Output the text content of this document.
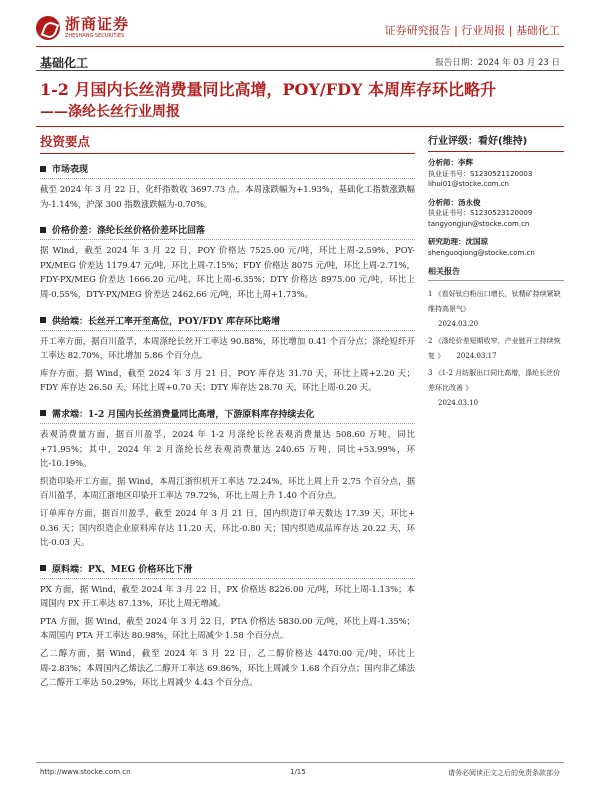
浙商证券
ZHESHANG SECURITIES	证券研究报告 | 行业周报 | 基础化工
基础化工	报告日期：2024 年 03 月 23 日
1-2 月国内长丝消费量同比高增，POY/FDY 本周库存环比略升
——涤纶长丝行业周报
投资要点
市场表现

截至 2024 年 3 月 22 日，化纤指数收 3697.73 点，本周涨跌幅为+1.93%，基础化工指数涨跌幅为-1.14%，沪深 300 指数涨跌幅为-0.70%。

价格价差：涤纶长丝价格价差环比回落

据 Wind，截至 2024 年 3 月 22 日，POY 价格达 7525.00 元/吨，环比上周-2.59%，POY-PX/MEG 价差达 1179.47 元/吨，环比上周-7.15%；FDY 价格达 8075 元/吨，环比上周-2.71%，FDY-PX/MEG 价差达 1666.20 元/吨，环比上周-6.35%；DTY 价格达 8975.00 元/吨，环比上周-0.55%，DTY-PX/MEG 价差达 2462.66 元/吨，环比上周+1.73%。

供给端：长丝开工率开至高位，POY/FDY 库存环比略增

开工率方面，据百川盈孚，本周涤纶长丝开工率达 90.88%，环比增加 0.41 个百分点；涤纶短纤开工率达 82.70%，环比增加 5.86 个百分点。

库存方面，据 Wind，截至 2024 年 3 月 21 日，POY 库存达 31.70 天，环比上周+2.20 天；FDY 库存达 26.50 天，环比上周+0.70 天；DTY 库存达 28.70 天，环比上周-0.20 天。

需求端：1-2 月国内长丝消费量同比高增，下游原料库存持续去化

表观消费量方面，据百川盈孚，2024 年 1-2 月涤纶长丝表观消费量达 508.60 万吨，同比+71.95%；其中，2024 年 2 月涤纶长丝表观消费量达 240.65 万吨，同比+53.99%，环比-10.19%。

织造印染开工方面，据 Wind，本周江浙织机开工率达 72.24%，环比上周上升 2.75 个百分点，据百川盈孚，本周江浙地区印染开工率达 79.72%，环比上周上升 1.40 个百分点。

订单库存方面，据百川盈孚，截至 2024 年 3 月 21 日，国内织造订单天数达 17.39 天，环比+ 0.36 天；国内织造企业原料库存达 11.20 天，环比-0.80 天；国内织造成品库存达 20.22 天，环比-0.03 天。

原料端：PX、MEG 价格环比下滑

PX 方面，据 Wind，截至 2024 年 3 月 22 日，PX 价格达 8226.00 元/吨，环比上周-1.13%；本周国内 PX 开工率达 87.13%，环比上周无增减。

PTA 方面，据 Wind，截至 2024 年 3 月 22 日，PTA 价格达 5830.00 元/吨，环比上周-1.35%；本周国内 PTA 开工率达 80.98%，环比上周减少 1.58 个百分点。

乙二醇方面，据 Wind，截至 2024 年 3 月 22 日，乙二醇价格达 4470.00 元/吨，环比上周-2.83%；本周国内乙烯法乙二醇开工率达 69.86%，环比上周减少 1.68 个百分点；国内非乙烯法乙二醇开工率达 50.29%，环比上周减少 4.43 个百分点。

行业评级：看好(维持)
分析师：李辉
执业证书号：S1230521120003
lihui01@stocke.com.cn
分析师：汤永俊
执业证书号：S1230523120009
tangyongjun@stocke.com.cn
研究助理：沈国琼
shenguoqiong@stocke.com.cn
相关报告
1 《看好钛白粉出口增长，钛精矿持续紧缺维持高景气》
2024.03.20
2 《涤纶价差短期收窄，产业链开工持续恢复 》 2024.03.17
3 《1-2 月纺服出口同比高增，涤纶长丝价差环比改善 》
2024.03.10
http://www.stocke.com.cn	1/15	请务必阅读正文之后的免责条款部分
